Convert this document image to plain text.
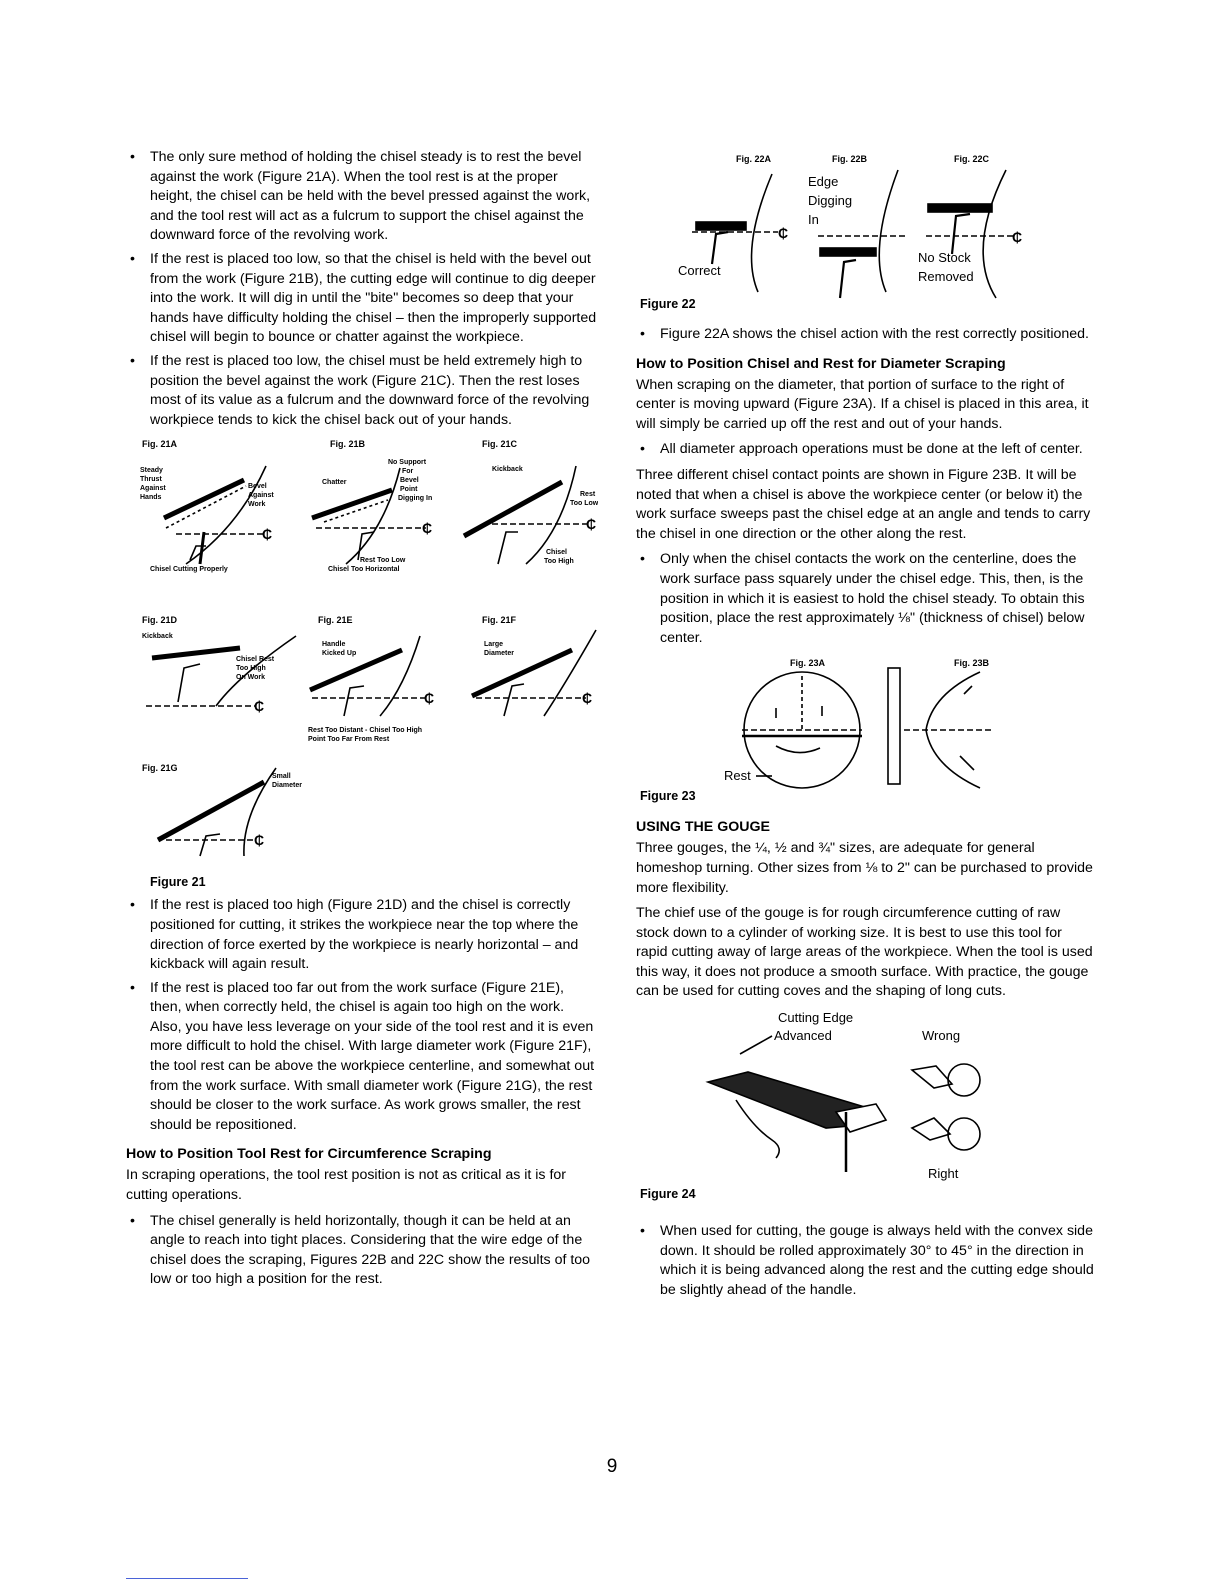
• The only sure method of holding the chisel steady is to rest the bevel against the work (Figure 21A). When the tool rest is at the proper height, the chisel can be held with the bevel pressed against the work, and the tool rest will act as a fulcrum to support the chisel against the downward force of the revolving work.
• If the rest is placed too low, so that the chisel is held with the bevel out from the work (Figure 21B), the cutting edge will continue to dig deeper into the work. It will dig in until the "bite" becomes so deep that your hands have difficulty holding the chisel – then the improperly supported chisel will begin to bounce or chatter against the workpiece.
• If the rest is placed too low, the chisel must be held extremely high to position the bevel against the work (Figure 21C). Then the rest loses most of its value as a fulcrum and the downward force of the revolving workpiece tends to kick the chisel back out of your hands.
Fig. 21A	Fig. 21B	Fig. 21C
Steady
Thrust
Against
Hands
Bevel
Against
Work
Chisel Cutting Properly
No Support
For
Bevel
Point
Digging In
Chatter
Rest Too Low
Chisel Too Horizontal
Kickback
Rest
Too Low
Chisel
Too High
Fig. 21D	Fig. 21E	Fig. 21F
Kickback
Chisel Rest
Too High
On Work
Handle
Kicked Up
Rest Too Distant - Chisel Too High
Point Too Far From Rest
Large
Diameter
Fig. 21G
Small
Diameter
₵	₵	₵
₵	₵	₵
₵
Figure 21
• If the rest is placed too high (Figure 21D) and the chisel is correctly positioned for cutting, it strikes the workpiece near the top where the direction of force exerted by the workpiece is nearly horizontal – and kickback will again result.
• If the rest is placed too far out from the work surface (Figure 21E), then, when correctly held, the chisel is again too high on the work. Also, you have less leverage on your side of the tool rest and it is even more difficult to hold the chisel. With large diameter work (Figure 21F), the tool rest can be above the workpiece centerline, and somewhat out from the work surface. With small diameter work (Figure 21G), the rest should be closer to the work surface. As work grows smaller, the rest should be repositioned.
How to Position Tool Rest for Circumference Scraping

In scraping operations, the tool rest position is not as critical as it is for cutting operations.

• The chisel generally is held horizontally, though it can be held at an angle to reach into tight places. Considering that the wire edge of the chisel does the scraping, Figures 22B and 22C show the results of too low or too high a position for the rest.
Fig. 22A	Fig. 22B	Fig. 22C
Edge
Digging
In
Correct
No Stock
Removed
₵	₵
Figure 22
• Figure 22A shows the chisel action with the rest correctly positioned.
How to Position Chisel and Rest for Diameter Scraping

When scraping on the diameter, that portion of surface to the right of center is moving upward (Figure 23A). If a chisel is placed in this area, it will simply be carried up off the rest and out of your hands.

• All diameter approach operations must be done at the left of center.

Three different chisel contact points are shown in Figure 23B. It will be noted that when a chisel is above the workpiece center (or below it) the work surface sweeps past the chisel edge at an angle and tends to carry the chisel in one direction or the other along the rest.

• Only when the chisel contacts the work on the centerline, does the work surface pass squarely under the chisel edge. This, then, is the position in which it is easiest to hold the chisel steady. To obtain this position, place the rest approximately ⅛" (thickness of chisel) below center.
Fig. 23A	Fig. 23B
Rest
Figure 23
USING THE GOUGE

Three gouges, the ¼, ½ and ¾" sizes, are adequate for general homeshop turning. Other sizes from ⅛ to 2" can be purchased to provide more flexibility.

The chief use of the gouge is for rough circumference cutting of raw stock down to a cylinder of working size. It is best to use this tool for rapid cutting away of large areas of the workpiece. When the tool is used this way, it does not produce a smooth surface. With practice, the gouge can be used for cutting coves and the shaping of long cuts.

Cutting Edge
Advanced	Wrong
Right
Figure 24
• When used for cutting, the gouge is always held with the convex side down. It should be rolled approximately 30° to 45° in the direction in which it is being advanced along the rest and the cutting edge should be slightly ahead of the handle.
9
